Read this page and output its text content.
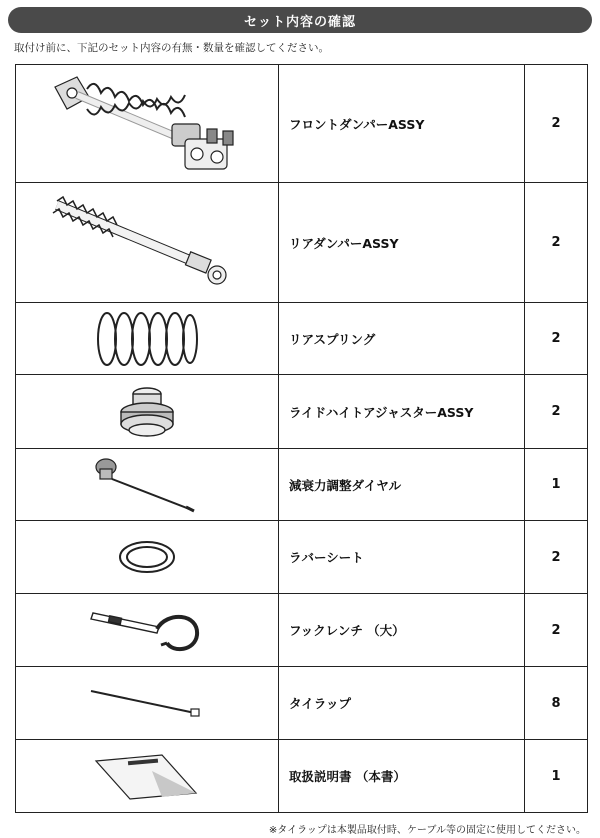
セット内容の確認
取付け前に、下記のセット内容の有無・数量を確認してください。
フロントダンパーASSY	2
リアダンパーASSY	2
リアスプリング	2
ライドハイトアジャスターASSY	2
減衰力調整ダイヤル	1
ラバーシート	2
フックレンチ （大）	2
タイラップ	8
取扱説明書 （本書）	1
※タイラップは本製品取付時、ケーブル等の固定に使用してください。
